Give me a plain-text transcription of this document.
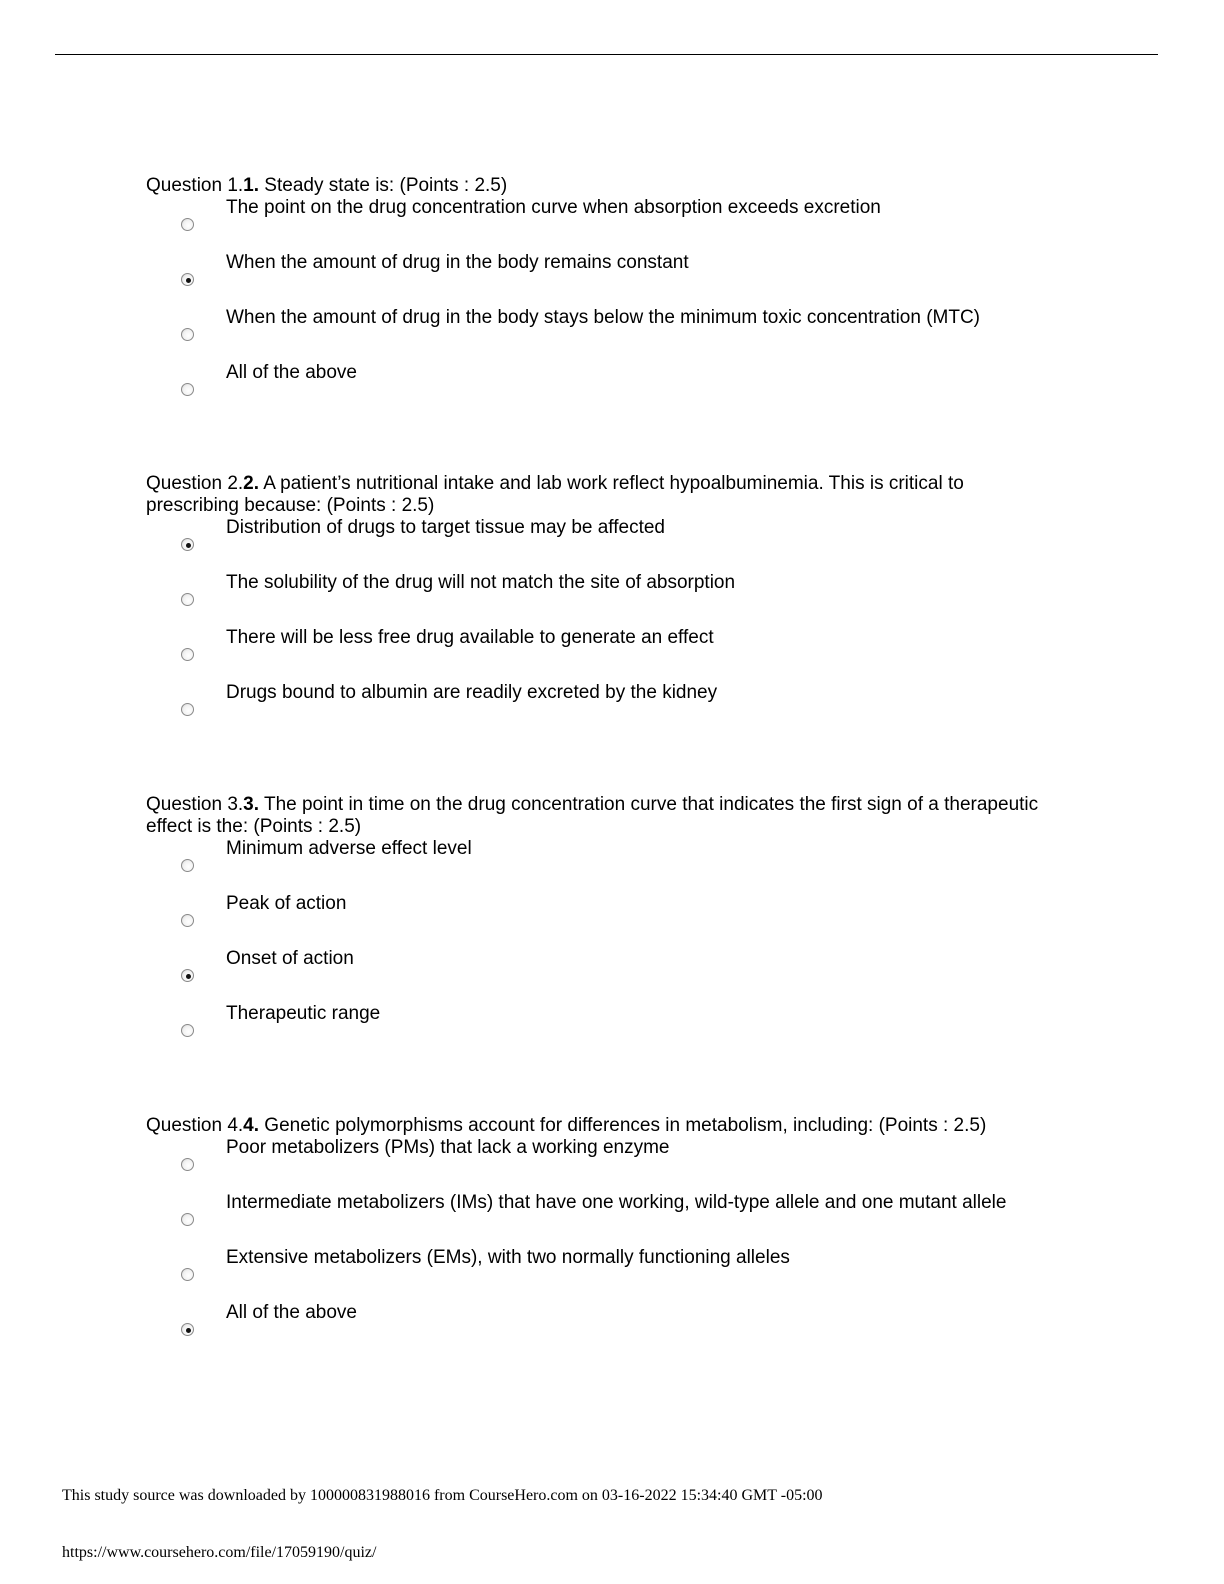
Question 1.1. Steady state is: (Points : 2.5)
The point on the drug concentration curve when absorption exceeds excretion
When the amount of drug in the body remains constant
When the amount of drug in the body stays below the minimum toxic concentration (MTC)
All of the above
Question 2.2. A patient’s nutritional intake and lab work reflect hypoalbuminemia. This is critical to prescribing because: (Points : 2.5)
Distribution of drugs to target tissue may be affected
The solubility of the drug will not match the site of absorption
There will be less free drug available to generate an effect
Drugs bound to albumin are readily excreted by the kidney
Question 3.3. The point in time on the drug concentration curve that indicates the first sign of a therapeutic effect is the: (Points : 2.5)
Minimum adverse effect level
Peak of action
Onset of action
Therapeutic range
Question 4.4. Genetic polymorphisms account for differences in metabolism, including: (Points : 2.5)
Poor metabolizers (PMs) that lack a working enzyme
Intermediate metabolizers (IMs) that have one working, wild-type allele and one mutant allele
Extensive metabolizers (EMs), with two normally functioning alleles
All of the above
This study source was downloaded by 100000831988016 from CourseHero.com on 03-16-2022 15:34:40 GMT -05:00
https://www.coursehero.com/file/17059190/quiz/
